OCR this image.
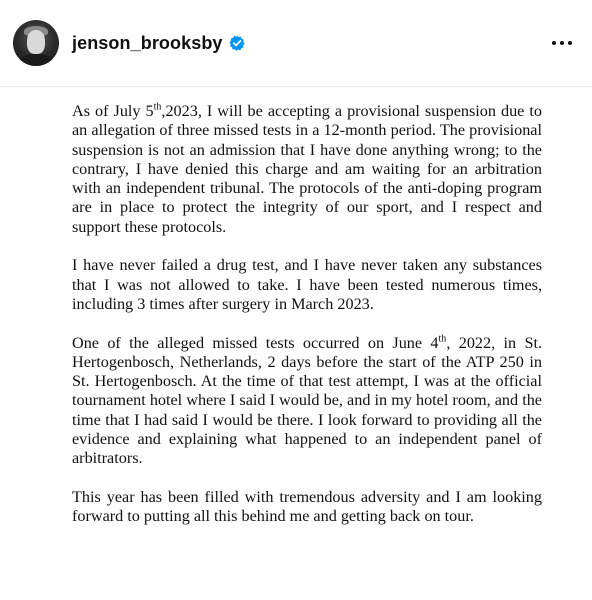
jenson_brooksby

As of July 5th,2023, I will be accepting a provisional suspension due to an allegation of three missed tests in a 12-month period. The provisional suspension is not an admission that I have done anything wrong; to the contrary, I have denied this charge and am waiting for an arbitration with an independent tribunal. The protocols of the anti-doping program are in place to protect the integrity of our sport, and I respect and support these protocols.

I have never failed a drug test, and I have never taken any substances that I was not allowed to take. I have been tested numerous times, including 3 times after surgery in March 2023.

One of the alleged missed tests occurred on June 4th, 2022, in St. Hertogenbosch, Netherlands, 2 days before the start of the ATP 250 in St. Hertogenbosch. At the time of that test attempt, I was at the official tournament hotel where I said I would be, and in my hotel room, and the time that I had said I would be there. I look forward to providing all the evidence and explaining what happened to an independent panel of arbitrators.

This year has been filled with tremendous adversity and I am looking forward to putting all this behind me and getting back on tour.
